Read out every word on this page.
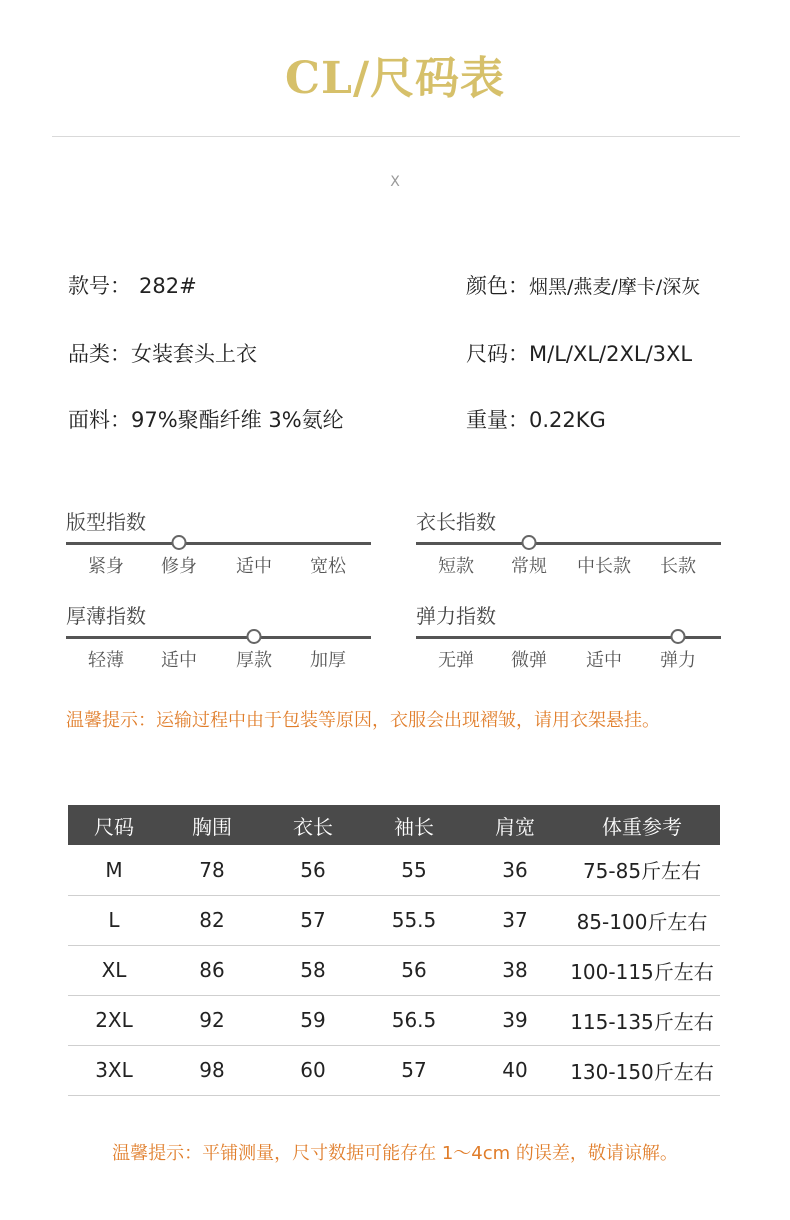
CL/尺码表
X
款号： 282#	颜色：烟黑/燕麦/摩卡/深灰
品类：女装套头上衣	尺码：M/L/XL/2XL/3XL
面料：97%聚酯纤维 3%氨纶	重量：0.22KG
版型指数
紧身 修身 适中 宽松
衣长指数
短款 常规 中长款 长款
厚薄指数
轻薄 适中 厚款 加厚
弹力指数
无弹 微弹 适中 弹力
温馨提示：运输过程中由于包装等原因，衣服会出现褶皱，请用衣架悬挂。
尺码	胸围	衣长	袖长	肩宽	体重参考
M	78	56	55	36	75-85斤左右
L	82	57	55.5	37	85-100斤左右
XL	86	58	56	38	100-115斤左右
2XL	92	59	56.5	39	115-135斤左右
3XL	98	60	57	40	130-150斤左右
温馨提示：平铺测量，尺寸数据可能存在 1～4cm 的误差，敬请谅解。
